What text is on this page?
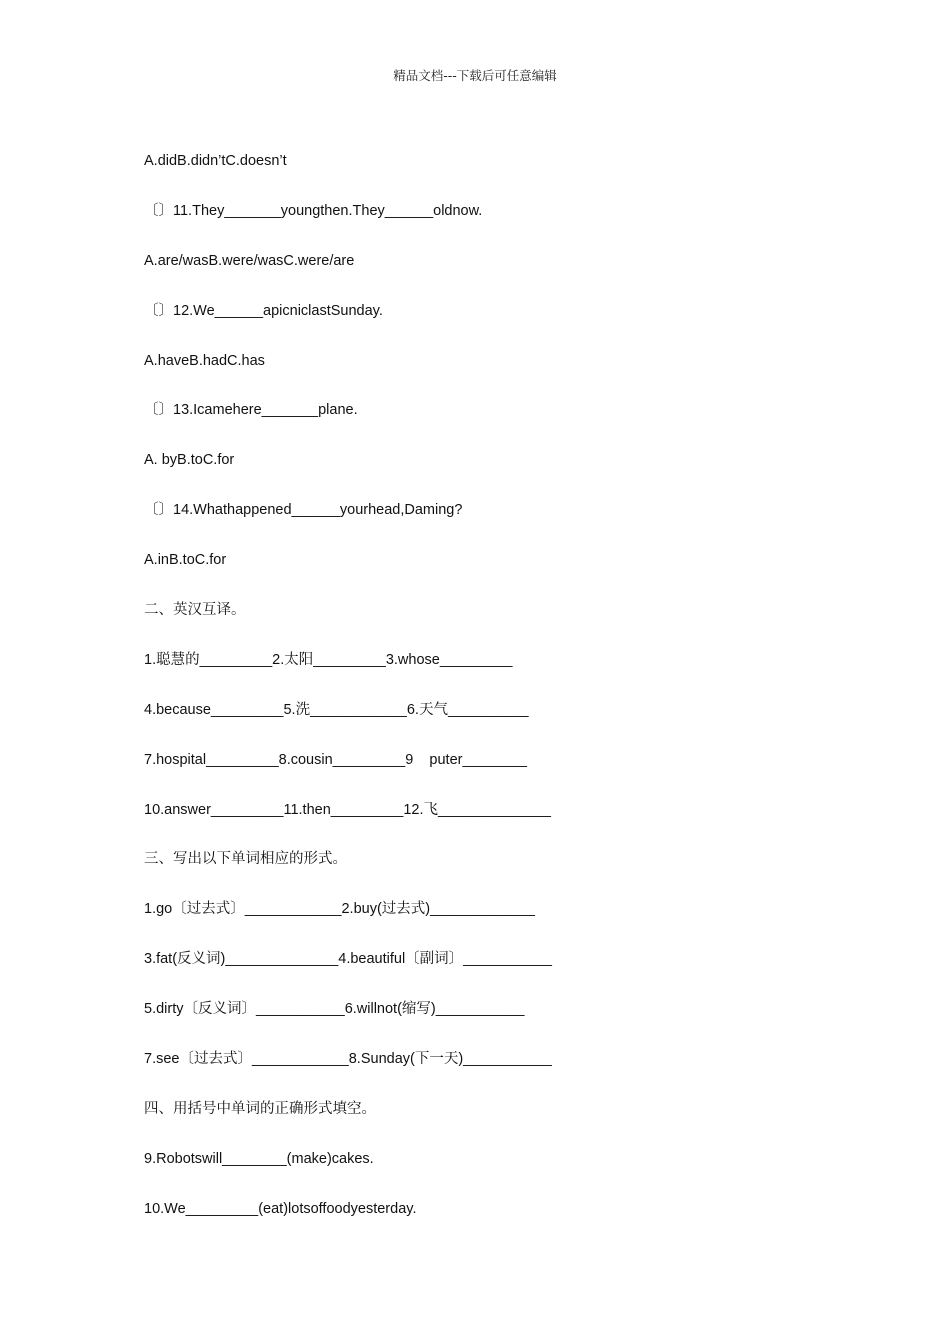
精品文档---下载后可任意编辑
A.didB.didn’tC.doesn’t
〔〕11.They_______youngthen.They______oldnow.
A.are/wasB.were/wasC.were/are
〔〕12.We______apicniclastSunday.
A.haveB.hadC.has
〔〕13.Icamehere_______plane.
A. byB.toC.for
〔〕14.Whathappened______yourhead,Daming?
A.inB.toC.for
二、英汉互译。
1.聪慧的_________2.太阳_________3.whose_________
4.because_________5.洗____________6.天气__________
7.hospital_________8.cousin_________9    puter________
10.answer_________11.then_________12.飞______________
三、写出以下单词相应的形式。
1.go〔过去式〕____________2.buy(过去式)_____________
3.fat(反义词)______________4.beautiful〔副词〕___________
5.dirty〔反义词〕___________6.willnot(缩写)___________
7.see〔过去式〕____________8.Sunday(下一天)___________
四、用括号中单词的正确形式填空。
9.Robotswill________(make)cakes.
10.We_________(eat)lotsoffoodyesterday.
